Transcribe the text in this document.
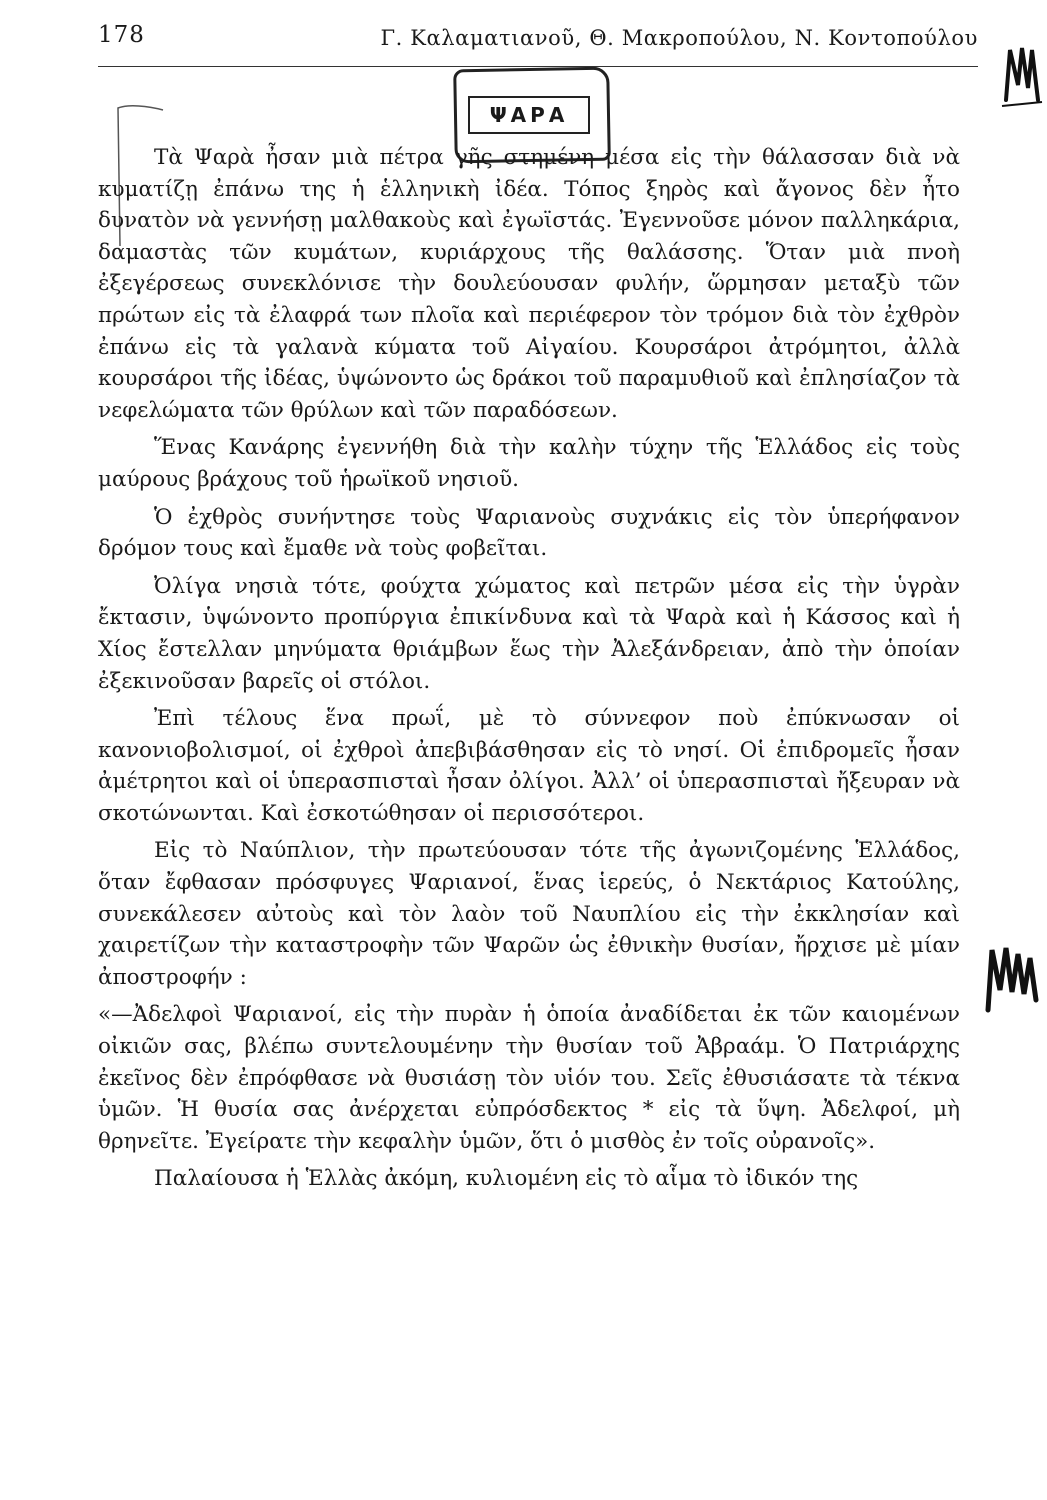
178	Γ. Καλαματιανοῦ, Θ. Μακροπούλου, Ν. Κοντοπούλου
ΨΑΡΑ

Τὰ Ψαρὰ ἦσαν μιὰ πέτρα γῆς στημένη μέσα εἰς τὴν θάλασσαν διὰ νὰ κυματίζῃ ἐπάνω της ἡ ἑλληνικὴ ἰδέα. Τόπος ξηρὸς καὶ ἄγονος δὲν ἦτο δυνατὸν νὰ γεννήσῃ μαλθακοὺς καὶ ἐγωϊστάς. Ἐγεννοῦσε μόνον παλληκάρια, δαμαστὰς τῶν κυμάτων, κυριάρχους τῆς θαλάσσης. Ὅταν μιὰ πνοὴ ἐξεγέρσεως συνεκλόνισε τὴν δουλεύουσαν φυλήν, ὥρμησαν μεταξὺ τῶν πρώτων εἰς τὰ ἐλαφρά των πλοῖα καὶ περιέφερον τὸν τρόμον διὰ τὸν ἐχθρὸν ἐπάνω εἰς τὰ γαλανὰ κύματα τοῦ Αἰγαίου. Κουρσάροι ἀτρόμητοι, ἀλλὰ κουρσάροι τῆς ἰδέας, ὑψώνοντο ὡς δράκοι τοῦ παραμυθιοῦ καὶ ἐπλησίαζον τὰ νεφελώματα τῶν θρύλων καὶ τῶν παραδόσεων.

Ἕνας Κανάρης ἐγεννήθη διὰ τὴν καλὴν τύχην τῆς Ἑλλάδος εἰς τοὺς μαύρους βράχους τοῦ ἡρωϊκοῦ νησιοῦ.

Ὁ ἐχθρὸς συνήντησε τοὺς Ψαριανοὺς συχνάκις εἰς τὸν ὑπερήφανον δρόμον τους καὶ ἔμαθε νὰ τοὺς φοβεῖται.

Ὀλίγα νησιὰ τότε, φούχτα χώματος καὶ πετρῶν μέσα εἰς τὴν ὑγρὰν ἔκτασιν, ὑψώνοντο προπύργια ἐπικίνδυνα καὶ τὰ Ψαρὰ καὶ ἡ Κάσσος καὶ ἡ Χίος ἔστελλαν μηνύματα θριάμβων ἕως τὴν Ἀλεξάνδρειαν, ἀπὸ τὴν ὁποίαν ἐξεκινοῦσαν βαρεῖς οἱ στόλοι.

Ἐπὶ τέλους ἕνα πρωΐ, μὲ τὸ σύννεφον ποὺ ἐπύκνωσαν οἱ κανονιοβολισμοί, οἱ ἐχθροὶ ἀπεβιβάσθησαν εἰς τὸ νησί. Οἱ ἐπιδρομεῖς ἦσαν ἀμέτρητοι καὶ οἱ ὑπερασπισταὶ ἦσαν ὀλίγοι. Ἀλλ’ οἱ ὑπερασπισταὶ ἤξευραν νὰ σκοτώνωνται. Καὶ ἐσκοτώθησαν οἱ περισσότεροι.

Εἰς τὸ Ναύπλιον, τὴν πρωτεύουσαν τότε τῆς ἀγωνιζομένης Ἑλλάδος, ὅταν ἔφθασαν πρόσφυγες Ψαριανοί, ἕνας ἱερεύς, ὁ Νεκτάριος Κατούλης, συνεκάλεσεν αὐτοὺς καὶ τὸν λαὸν τοῦ Ναυπλίου εἰς τὴν ἐκκλησίαν καὶ χαιρετίζων τὴν καταστροφὴν τῶν Ψαρῶν ὡς ἐθνικὴν θυσίαν, ἤρχισε μὲ μίαν ἀποστροφήν :

«—Ἀδελφοὶ Ψαριανοί, εἰς τὴν πυρὰν ἡ ὁποία ἀναδίδεται ἐκ τῶν καιομένων οἰκιῶν σας, βλέπω συντελουμένην τὴν θυσίαν τοῦ Ἀβραάμ. Ὁ Πατριάρχης ἐκεῖνος δὲν ἐπρόφθασε νὰ θυσιάσῃ τὸν υἱόν του. Σεῖς ἐθυσιάσατε τὰ τέκνα ὑμῶν. Ἡ θυσία σας ἀνέρχεται εὐπρόσδεκτος * εἰς τὰ ὕψη. Ἀδελφοί, μὴ θρηνεῖτε. Ἐγείρατε τὴν κεφαλὴν ὑμῶν, ὅτι ὁ μισθὸς ἐν τοῖς οὐρανοῖς».

Παλαίουσα ἡ Ἑλλὰς ἀκόμη, κυλιομένη εἰς τὸ αἷμα τὸ ἰδικόν της
